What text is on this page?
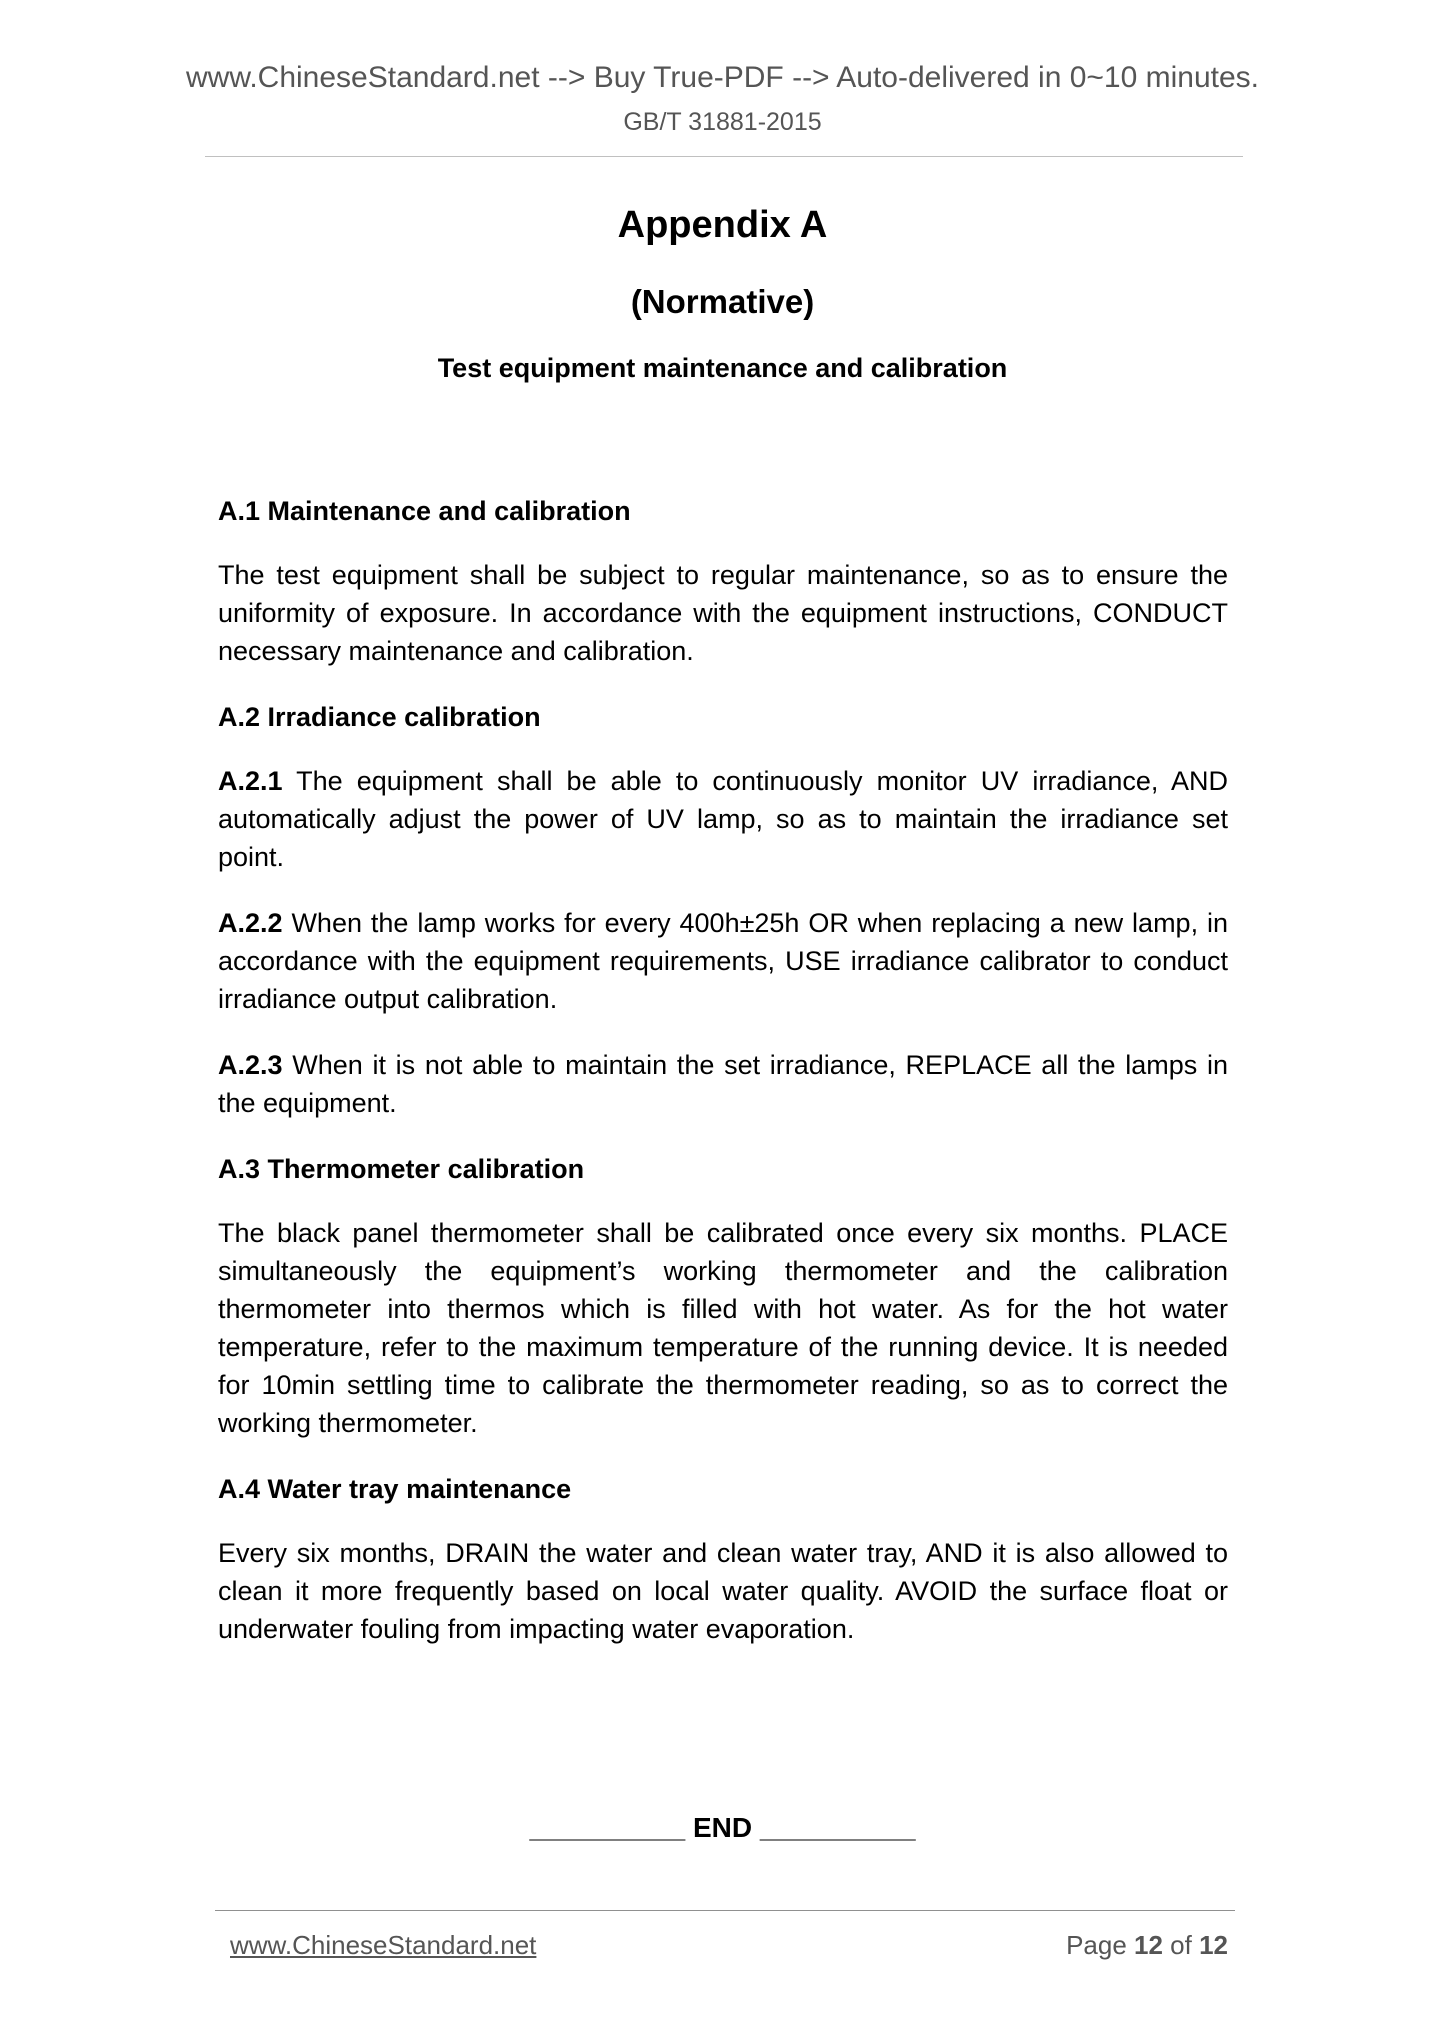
www.ChineseStandard.net --> Buy True-PDF --> Auto-delivered in 0~10 minutes.
GB/T 31881-2015
Appendix A
(Normative)
Test equipment maintenance and calibration
A.1 Maintenance and calibration
The test equipment shall be subject to regular maintenance, so as to ensure the uniformity of exposure. In accordance with the equipment instructions, CONDUCT necessary maintenance and calibration.
A.2 Irradiance calibration
A.2.1 The equipment shall be able to continuously monitor UV irradiance, AND automatically adjust the power of UV lamp, so as to maintain the irradiance set point.
A.2.2 When the lamp works for every 400h±25h OR when replacing a new lamp, in accordance with the equipment requirements, USE irradiance calibrator to conduct irradiance output calibration.
A.2.3 When it is not able to maintain the set irradiance, REPLACE all the lamps in the equipment.
A.3 Thermometer calibration
The black panel thermometer shall be calibrated once every six months. PLACE simultaneously the equipment’s working thermometer and the calibration thermometer into thermos which is filled with hot water. As for the hot water temperature, refer to the maximum temperature of the running device. It is needed for 10min settling time to calibrate the thermometer reading, so as to correct the working thermometer.
A.4 Water tray maintenance
Every six months, DRAIN the water and clean water tray, AND it is also allowed to clean it more frequently based on local water quality. AVOID the surface float or underwater fouling from impacting water evaporation.
__________ END __________
www.ChineseStandard.net	Page 12 of 12
